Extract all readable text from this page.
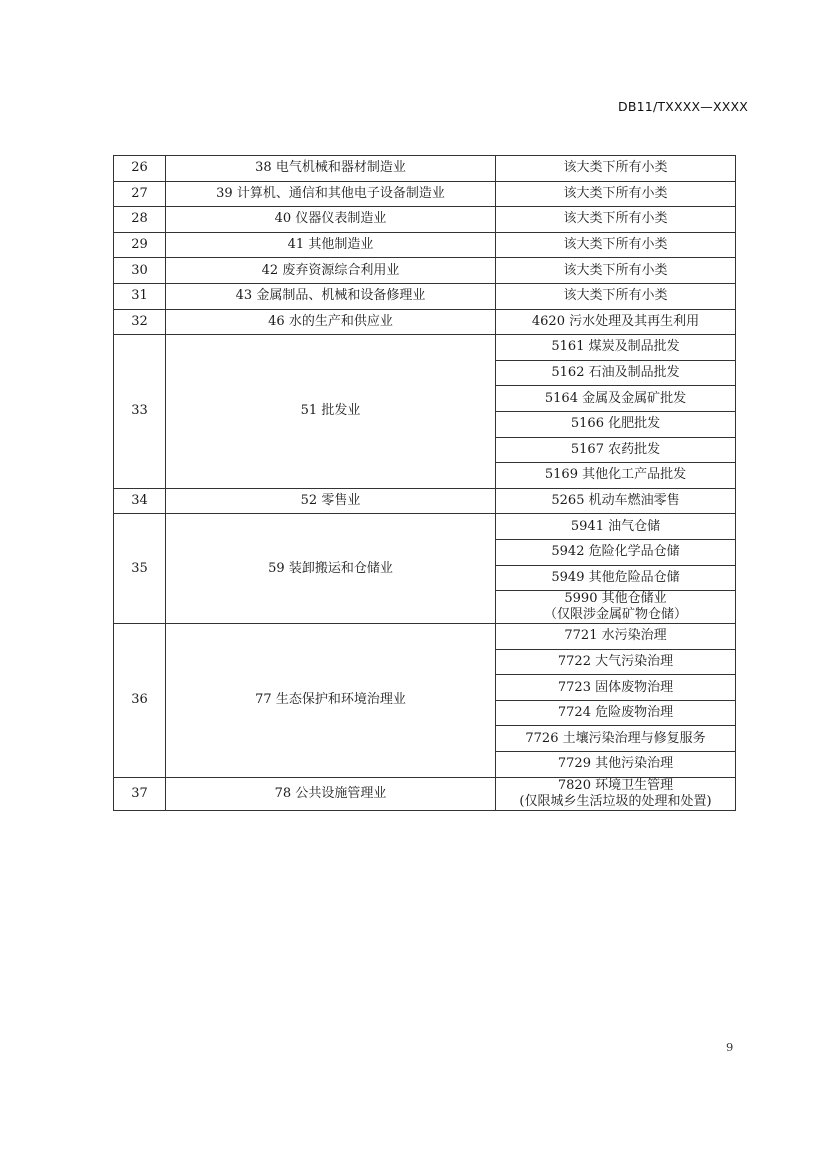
DB11/TXXXX—XXXX
26	38 电气机械和器材制造业	该大类下所有小类
27	39 计算机、通信和其他电子设备制造业	该大类下所有小类
28	40 仪器仪表制造业	该大类下所有小类
29	41 其他制造业	该大类下所有小类
30	42 废弃资源综合利用业	该大类下所有小类
31	43 金属制品、机械和设备修理业	该大类下所有小类
32	46 水的生产和供应业	4620 污水处理及其再生利用
33	51 批发业	5161 煤炭及制品批发
		5162 石油及制品批发
		5164 金属及金属矿批发
		5166 化肥批发
		5167 农药批发
		5169 其他化工产品批发
34	52 零售业	5265 机动车燃油零售
35	59 装卸搬运和仓储业	5941 油气仓储
		5942 危险化学品仓储
		5949 其他危险品仓储

		5990 其他仓储业
（仅限涉金属矿物仓储）

36	77 生态保护和环境治理业	7721 水污染治理
		7722 大气污染治理
		7723 固体废物治理
		7724 危险废物治理
		7726 土壤污染治理与修复服务
		7729 其他污染治理
37	78 公共设施管理业	7820 环境卫生管理
(仅限城乡生活垃圾的处理和处置)
9
